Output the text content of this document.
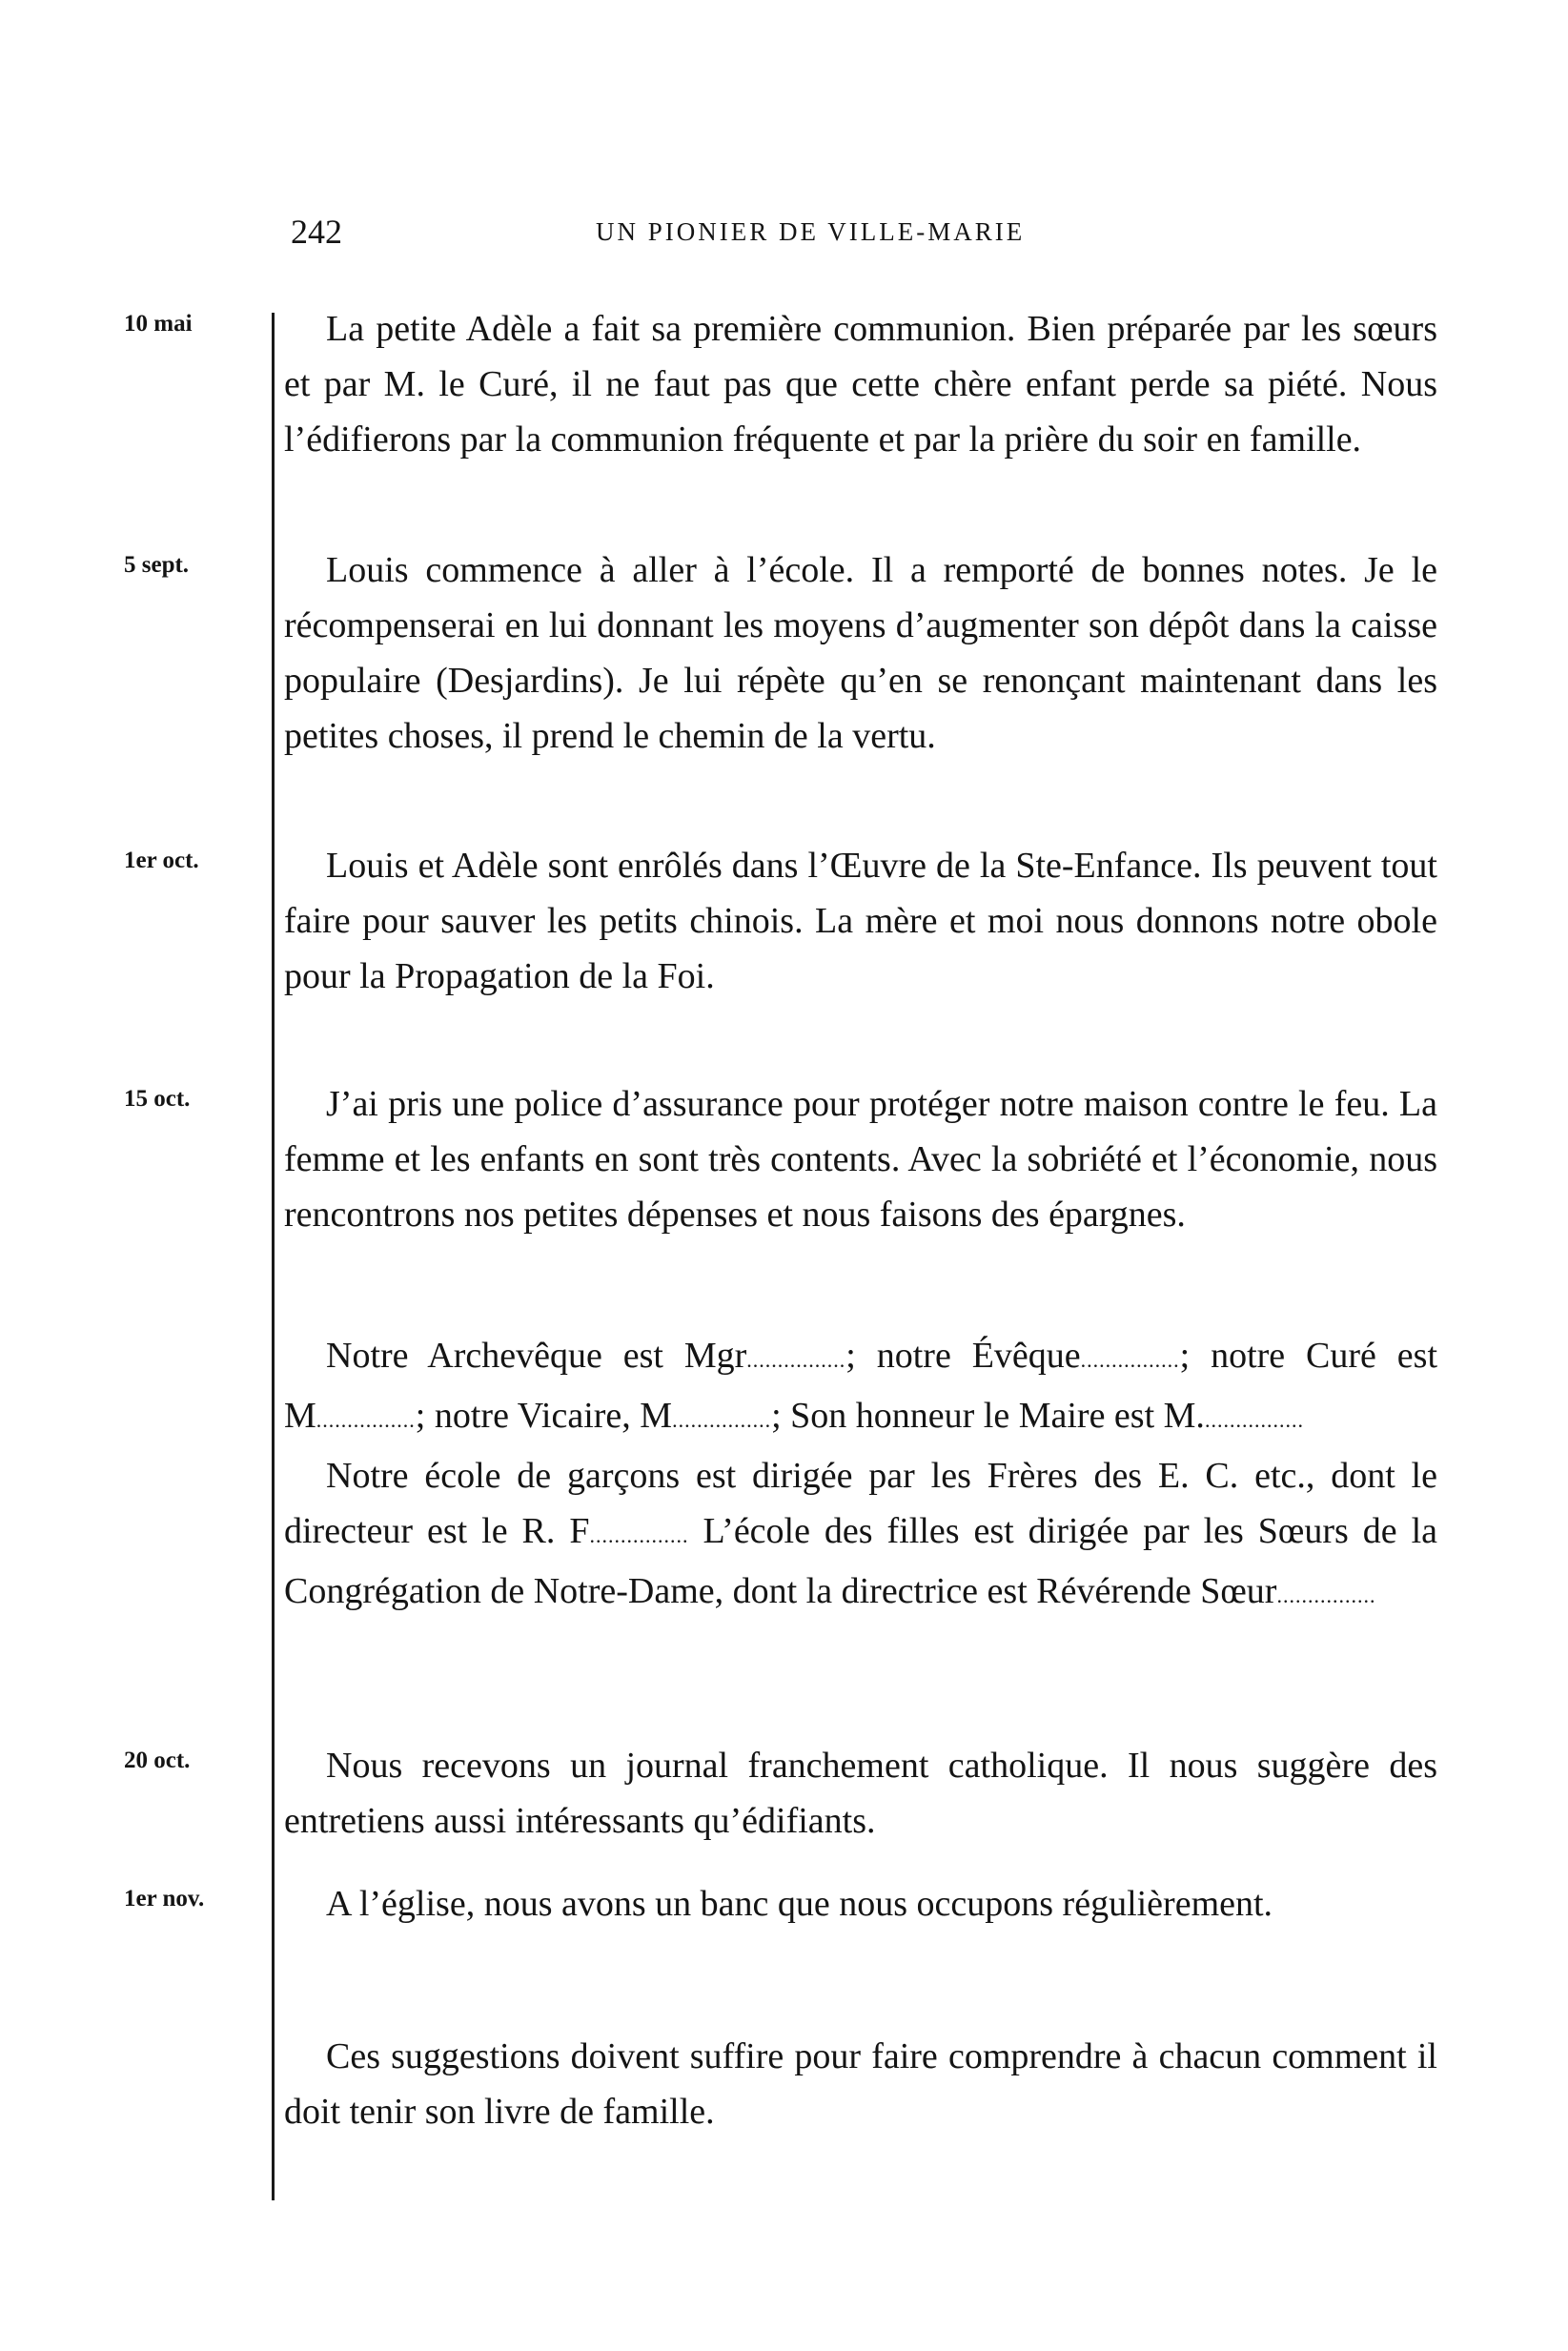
242	UN PIONIER DE VILLE-MARIE
10 mai	La petite Adèle a fait sa première communion. Bien préparée par les sœurs et par M. le Curé, il ne faut pas que cette chère enfant perde sa piété. Nous l’édifierons par la communion fréquente et par la prière du soir en famille.

5 sept.	Louis commence à aller à l’école. Il a remporté de bonnes notes. Je le récompenserai en lui donnant les moyens d’augmenter son dépôt dans la caisse populaire (Desjardins). Je lui répète qu’en se renonçant maintenant dans les petites choses, il prend le chemin de la vertu.

1er oct.	Louis et Adèle sont enrôlés dans l’Œuvre de la Ste-Enfance. Ils peuvent tout faire pour sauver les petits chinois. La mère et moi nous donnons notre obole pour la Propagation de la Foi.

15 oct.	J’ai pris une police d’assurance pour protéger notre maison contre le feu. La femme et les enfants en sont très contents. Avec la sobriété et l’économie, nous rencontrons nos petites dépenses et nous faisons des épargnes.

Notre Archevêque est Mgr................; notre Évêque................; notre Curé est M................; notre Vicaire, M................; Son honneur le Maire est M.................

Notre école de garçons est dirigée par les Frères des E. C. etc., dont le directeur est le R. F................ L’école des filles est dirigée par les Sœurs de la Congrégation de Notre-Dame, dont la directrice est Révérende Sœur................

20 oct.	Nous recevons un journal franchement catholique. Il nous suggère des entretiens aussi intéressants qu’édifiants.

1er nov.	A l’église, nous avons un banc que nous occupons régulièrement.

Ces suggestions doivent suffire pour faire comprendre à chacun comment il doit tenir son livre de famille.
